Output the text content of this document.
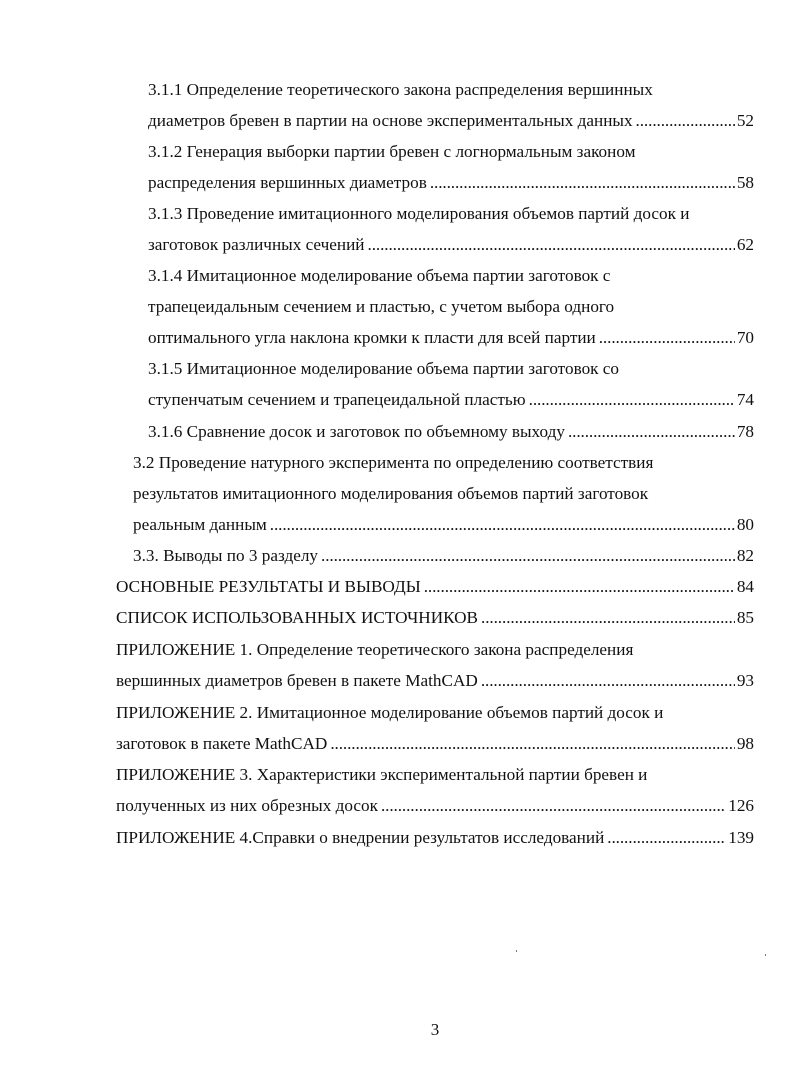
3.1.1 Определение теоретического закона распределения вершинных
диаметров бревен в партии на основе экспериментальных данных . . .	52
3.1.2 Генерация выборки партии бревен с логнормальным законом
распределения вершинных диаметров . . .	58
3.1.3 Проведение имитационного моделирования объемов партий досок и
заготовок различных сечений . . .	62
3.1.4 Имитационное моделирование объема партии заготовок с
трапецеидальным сечением и пластью, с учетом выбора одного
оптимального угла наклона кромки к пласти для всей партии . . .	70
3.1.5 Имитационное моделирование объема партии заготовок со
ступенчатым сечением и трапецеидальной пластью . . .	74
3.1.6 Сравнение досок и заготовок по объемному выходу . . .	78
3.2 Проведение натурного эксперимента по определению соответствия
результатов имитационного моделирования объемов партий заготовок
реальным данным . . .	80
3.3. Выводы по 3 разделу . . .	82
ОСНОВНЫЕ РЕЗУЛЬТАТЫ И ВЫВОДЫ . . .	84
СПИСОК ИСПОЛЬЗОВАННЫХ ИСТОЧНИКОВ . . .	85
ПРИЛОЖЕНИЕ 1. Определение теоретического закона распределения
вершинных диаметров бревен в пакете MathCAD . . .	93
ПРИЛОЖЕНИЕ 2. Имитационное моделирование объемов партий досок и
заготовок в пакете MathCAD . . .	98
ПРИЛОЖЕНИЕ 3. Характеристики экспериментальной партии бревен и
полученных из них обрезных досок . . .	126
ПРИЛОЖЕНИЕ 4.Справки о внедрении результатов исследований . . .	139
3
